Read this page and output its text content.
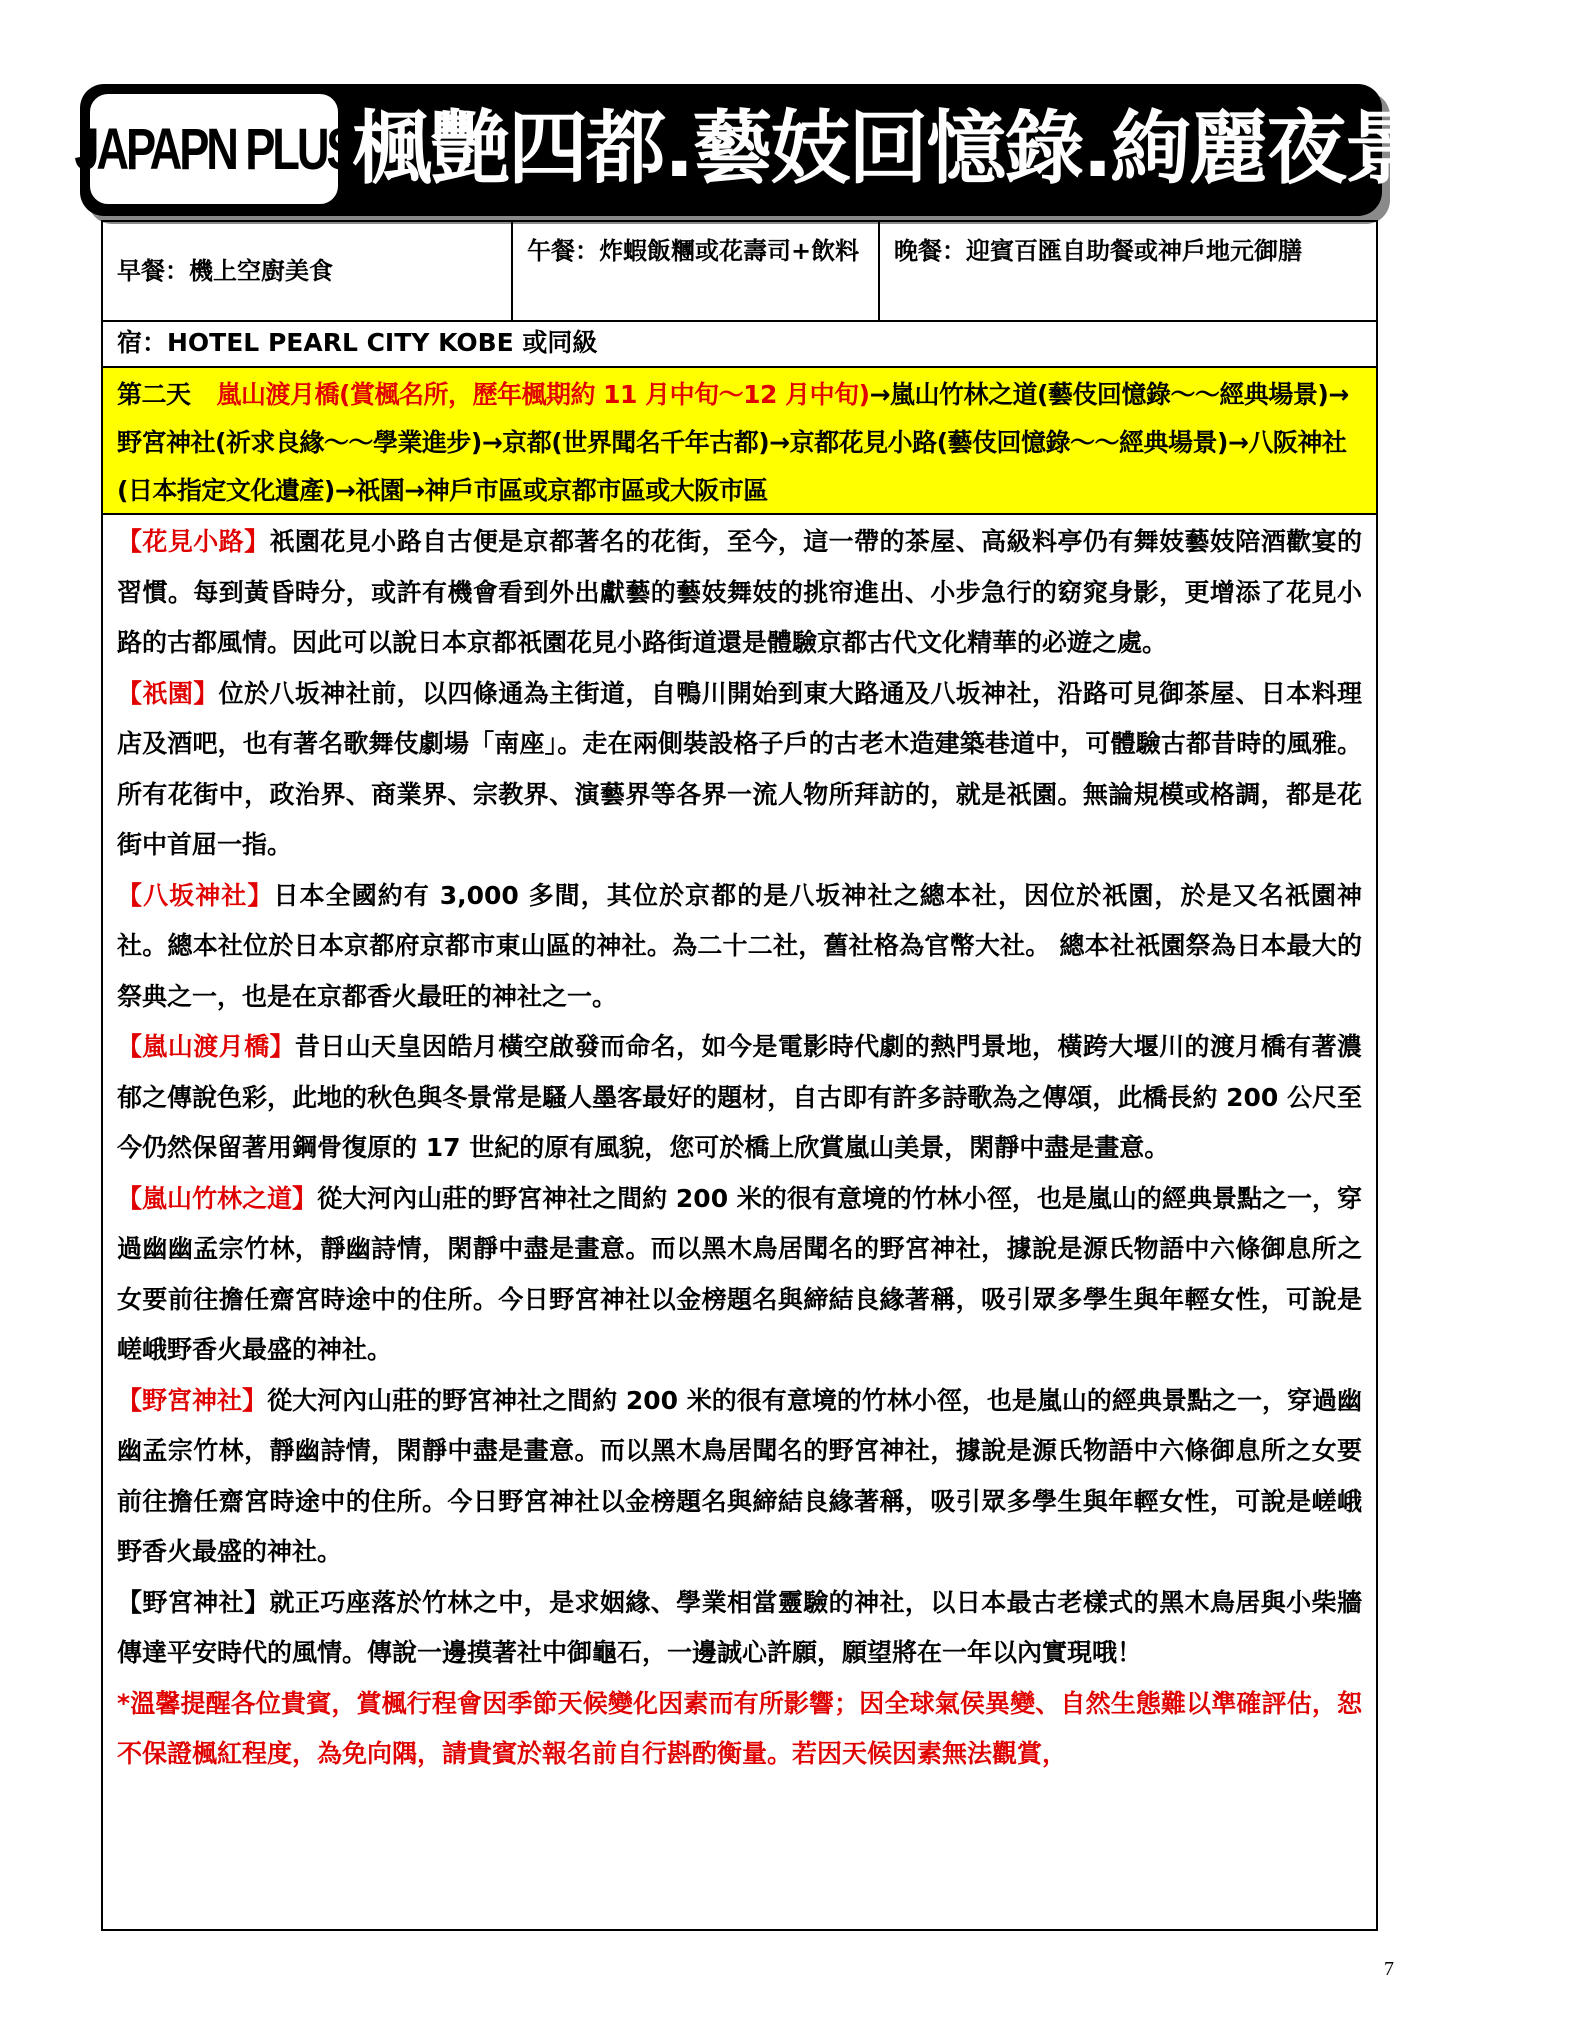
JAPAPN PLUS
楓艷四都.藝妓回憶錄.絢麗夜景五日
早餐：機上空廚美食
午餐：炸蝦飯糰或花壽司+飲料	晚餐：迎賓百匯自助餐或神戶地元御膳
宿：HOTEL PEARL CITY KOBE 或同級
第二天 嵐山渡月橋(賞楓名所，歷年楓期約 11 月中旬～12 月中旬)→嵐山竹林之道(藝伎回憶錄～～經典場景)→野宮神社(祈求良緣～～學業進步)→京都(世界聞名千年古都)→京都花見小路(藝伎回憶錄～～經典場景)→八阪神社(日本指定文化遺產)→祇園→神戶市區或京都市區或大阪市區

【花見小路】祇園花見小路自古便是京都著名的花街，至今，這一帶的茶屋、高級料亭仍有舞妓藝妓陪酒歡宴的習慣。每到黃昏時分，或許有機會看到外出獻藝的藝妓舞妓的挑帘進出、小步急行的窈窕身影，更增添了花見小路的古都風情。因此可以說日本京都祇園花見小路街道還是體驗京都古代文化精華的必遊之處。

【祇園】位於八坂神社前，以四條通為主街道，自鴨川開始到東大路通及八坂神社，沿路可見御茶屋、日本料理店及酒吧，也有著名歌舞伎劇場「南座」。走在兩側裝設格子戶的古老木造建築巷道中，可體驗古都昔時的風雅。所有花街中，政治界、商業界、宗教界、演藝界等各界一流人物所拜訪的，就是祇園。無論規模或格調，都是花街中首屈一指。

【八坂神社】日本全國約有 3,000 多間，其位於京都的是八坂神社之總本社，因位於祇園，於是又名祇園神社。總本社位於日本京都府京都市東山區的神社。為二十二社，舊社格為官幣大社。 總本社祇園祭為日本最大的祭典之一，也是在京都香火最旺的神社之一。

【嵐山渡月橋】昔日山天皇因皓月橫空啟發而命名，如今是電影時代劇的熱門景地，橫跨大堰川的渡月橋有著濃郁之傳說色彩，此地的秋色與冬景常是騷人墨客最好的題材，自古即有許多詩歌為之傳頌，此橋長約 200 公尺至今仍然保留著用鋼骨復原的 17 世紀的原有風貌，您可於橋上欣賞嵐山美景，閑靜中盡是畫意。

【嵐山竹林之道】從大河內山莊的野宮神社之間約 200 米的很有意境的竹林小徑，也是嵐山的經典景點之一，穿過幽幽孟宗竹林，靜幽詩情，閑靜中盡是畫意。而以黑木鳥居聞名的野宮神社，據說是源氏物語中六條御息所之女要前往擔任齋宮時途中的住所。今日野宮神社以金榜題名與締結良緣著稱，吸引眾多學生與年輕女性，可說是嵯峨野香火最盛的神社。

【野宮神社】從大河內山莊的野宮神社之間約 200 米的很有意境的竹林小徑，也是嵐山的經典景點之一，穿過幽幽孟宗竹林，靜幽詩情，閑靜中盡是畫意。而以黑木鳥居聞名的野宮神社，據說是源氏物語中六條御息所之女要前往擔任齋宮時途中的住所。今日野宮神社以金榜題名與締結良緣著稱，吸引眾多學生與年輕女性，可說是嵯峨野香火最盛的神社。

【野宮神社】就正巧座落於竹林之中，是求姻緣、學業相當靈驗的神社，以日本最古老樣式的黑木鳥居與小柴牆傳達平安時代的風情。傳說一邊摸著社中御龜石，一邊誠心許願，願望將在一年以內實現哦！

*溫馨提醒各位貴賓，賞楓行程會因季節天候變化因素而有所影響；因全球氣侯異變、自然生態難以準確評估，恕不保證楓紅程度，為免向隅，請貴賓於報名前自行斟酌衡量。若因天候因素無法觀賞，

7
